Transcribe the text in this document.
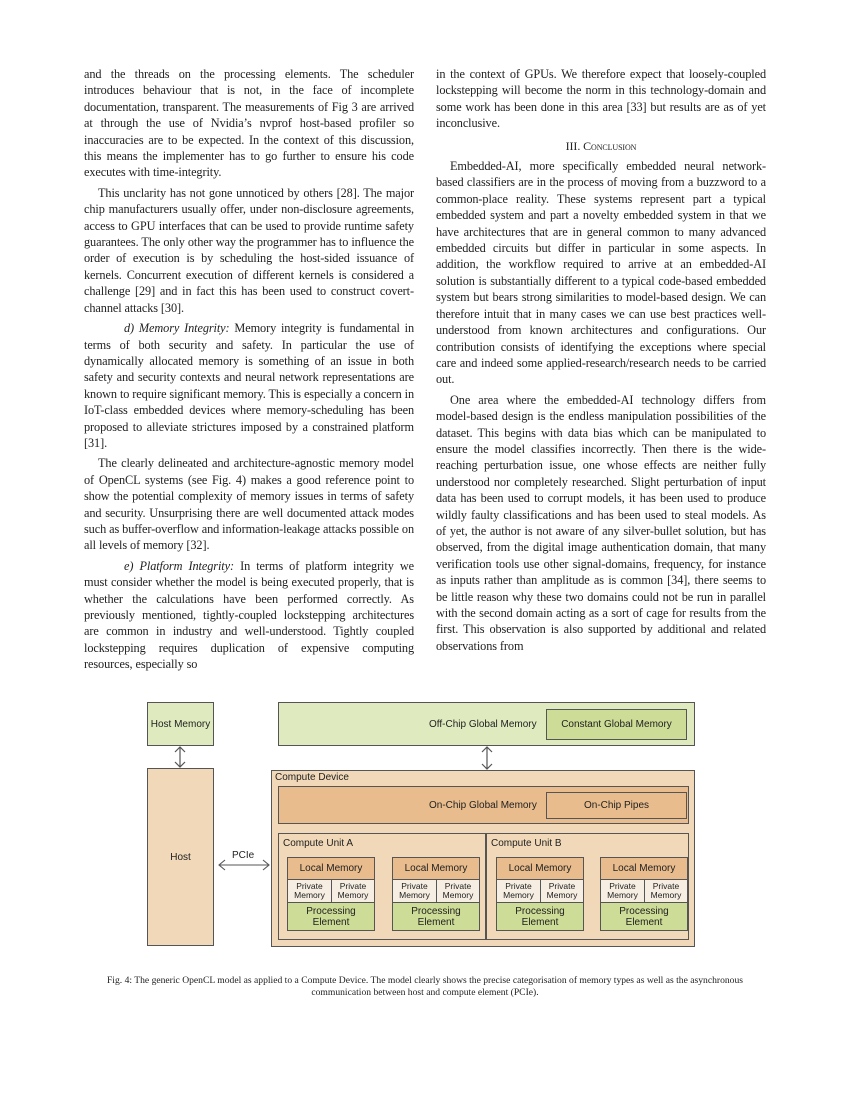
and the threads on the processing elements. The scheduler introduces behaviour that is not, in the face of incomplete documentation, transparent. The measurements of Fig 3 are arrived at through the use of Nvidia’s nvprof host-based profiler so inaccuracies are to be expected. In the context of this discussion, this means the implementer has to go further to ensure his code executes with time-integrity.

This unclarity has not gone unnoticed by others [28]. The major chip manufacturers usually offer, under non-disclosure agreements, access to GPU interfaces that can be used to provide runtime safety guarantees. The only other way the programmer has to influence the order of execution is by scheduling the host-sided issuance of kernels. Concurrent execution of different kernels is considered a challenge [29] and in fact this has been used to construct covert-channel attacks [30].

d) Memory Integrity: Memory integrity is fundamental in terms of both security and safety. In particular the use of dynamically allocated memory is something of an issue in both safety and security contexts and neural network representations are known to require significant memory. This is especially a concern in IoT-class embedded devices where memory-scheduling has been proposed to alleviate strictures imposed by a constrained platform [31].

The clearly delineated and architecture-agnostic memory model of OpenCL systems (see Fig. 4) makes a good reference point to show the potential complexity of memory issues in terms of safety and security. Unsurprising there are well documented attack modes such as buffer-overflow and information-leakage attacks possible on all levels of memory [32].

e) Platform Integrity: In terms of platform integrity we must consider whether the model is being executed properly, that is whether the calculations have been performed correctly. As previously mentioned, tightly-coupled lockstepping architectures are common in industry and well-understood. Tightly coupled lockstepping requires duplication of expensive computing resources, especially so

in the context of GPUs. We therefore expect that loosely-coupled lockstepping will become the norm in this technology-domain and some work has been done in this area [33] but results are as of yet inconclusive.

III. Conclusion

Embedded-AI, more specifically embedded neural network-based classifiers are in the process of moving from a buzzword to a common-place reality. These systems represent part a typical embedded system and part a novelty embedded system in that we have architectures that are in general common to many advanced embedded circuits but differ in particular in some aspects. In addition, the workflow required to arrive at an embedded-AI solution is substantially different to a typical code-based embedded system but bears strong similarities to model-based design. We can therefore intuit that in many cases we can use best practices well-understood from known architectures and configurations. Our contribution consists of identifying the exceptions where special care and indeed some applied-research/research needs to be carried out.

One area where the embedded-AI technology differs from model-based design is the endless manipulation possibilities of the dataset. This begins with data bias which can be manipulated to ensure the model classifies incorrectly. Then there is the wide-reaching perturbation issue, one whose effects are neither fully understood nor completely researched. Slight perturbation of input data has been used to corrupt models, it has been used to produce wildly faulty classifications and has been used to steal models. As of yet, the author is not aware of any silver-bullet solution, but has observed, from the digital image authentication domain, that many verification tools use other signal-domains, frequency, for instance as inputs rather than amplitude as is common [34], there seems to be little reason why these two domains could not be run in parallel with the second domain acting as a sort of cage for results from the first. This observation is also supported by additional and related observations from

Host Memory
Host
Off-Chip Global Memory	Constant Global Memory
Compute Device
On-Chip Global Memory	On-Chip Pipes
Compute Unit A	Compute Unit B
Local Memory
Private Memory
Private Memory
Processing Element
Local Memory
Private Memory
Private Memory
Processing Element
Local Memory
Private Memory
Private Memory
Processing Element
Local Memory
Private Memory
Private Memory
Processing Element
PCIe
Fig. 4: The generic OpenCL model as applied to a Compute Device. The model clearly shows the precise categorisation of memory types as well as the asynchronous communication between host and compute element (PCIe).
